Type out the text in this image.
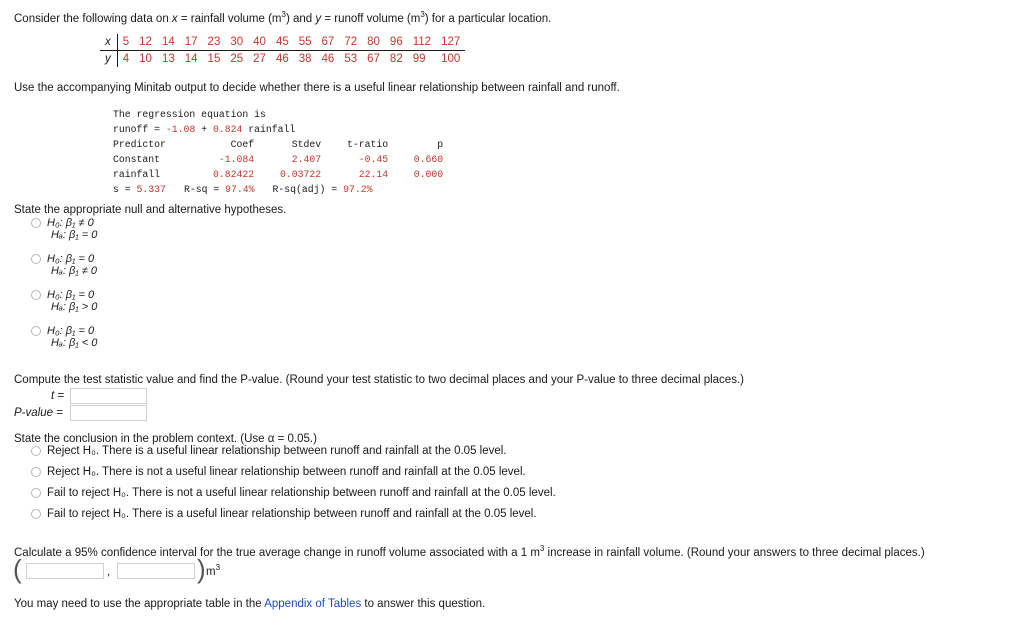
Consider the following data on x = rainfall volume $(m^3)$ and y = runoff volume $(m^3)$ for a particular location.
x	5	12	14	17	23	30	40	45	55	67	72	80	96	112	127
y	4	10	13	14	15	25	27	46	38	46	53	67	82	99	100
Use the accompanying Minitab output to decide whether there is a useful linear relationship between rainfall and runoff.
The regression equation is
runoff = -1.08 + 0.824 rainfall
Predictor	Coef	Stdev	t-ratio	p
Constant	-1.084	2.407	-0.45	0.660
rainfall	0.82422	0.03722	22.14	0.000
s = 5.337 R-sq = 97.4% R-sq(adj) = 97.2%
State the appropriate null and alternative hypotheses.
H₀: β₁ ≠ 0
Hₐ: β₁ = 0
H₀: β₁ = 0
Hₐ: β₁ ≠ 0
H₀: β₁ = 0
Hₐ: β₁ > 0
H₀: β₁ = 0
Hₐ: β₁ < 0
Compute the test statistic value and find the P-value. (Round your test statistic to two decimal places and your P-value to three decimal places.)
t =
P-value =
State the conclusion in the problem context. (Use α = 0.05.)
Reject H₀. There is a useful linear relationship between runoff and rainfall at the 0.05 level.
Reject H₀. There is not a useful linear relationship between runoff and rainfall at the 0.05 level.
Fail to reject H₀. There is not a useful linear relationship between runoff and rainfall at the 0.05 level.
Fail to reject H₀. There is a useful linear relationship between runoff and rainfall at the 0.05 level.
Calculate a 95% confidence interval for the true average change in runoff volume associated with a 1 $m^3$ increase in rainfall volume. (Round your answers to three decimal places.)
(	,	) $m^3$
You may need to use the appropriate table in the Appendix of Tables to answer this question.
